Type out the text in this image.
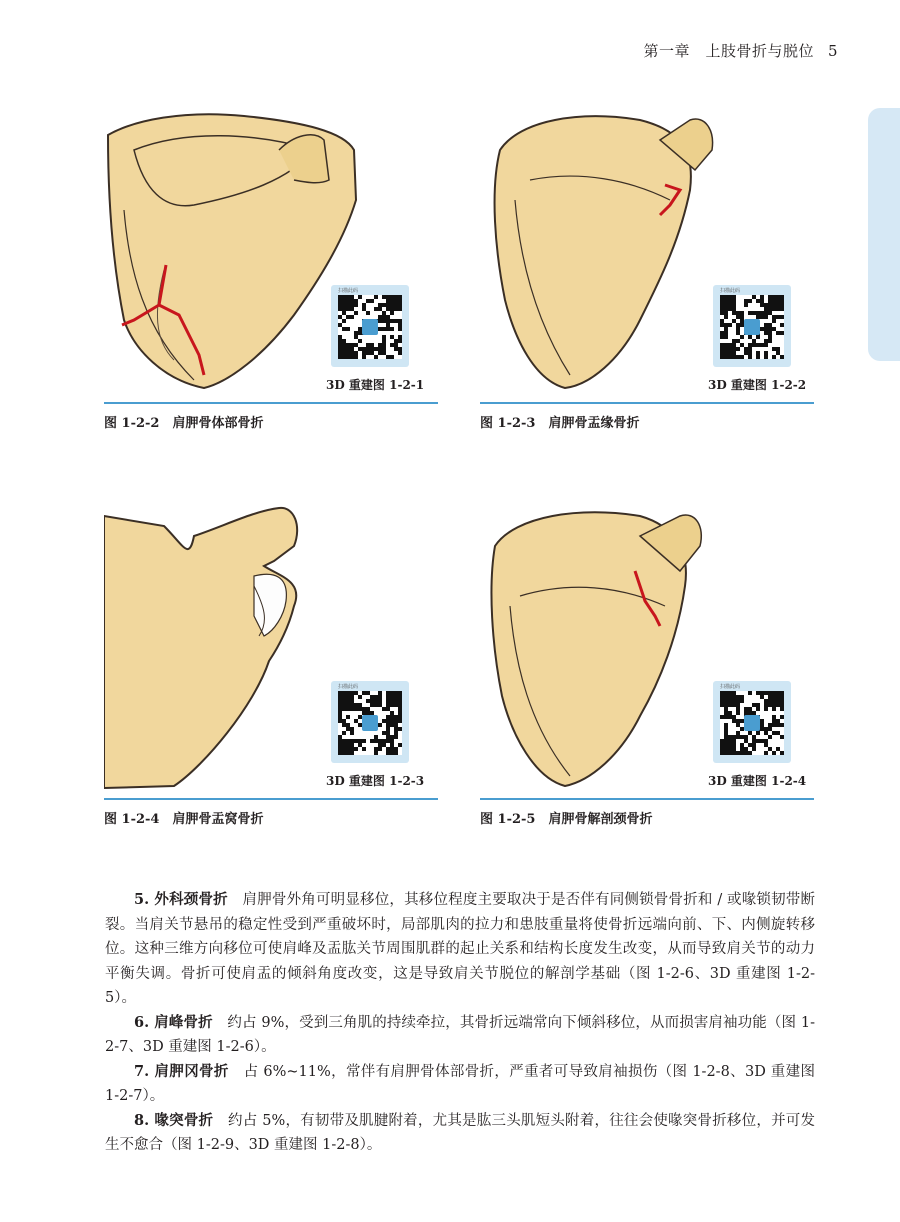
第一章　上肢骨折与脱位 5
扫描此码
3D 重建图 1-2-1
图 1-2-2　肩胛骨体部骨折
扫描此码
3D 重建图 1-2-2
图 1-2-3　肩胛骨盂缘骨折
扫描此码
3D 重建图 1-2-3
图 1-2-4　肩胛骨盂窝骨折
扫描此码
3D 重建图 1-2-4
图 1-2-5　肩胛骨解剖颈骨折

5. 外科颈骨折　肩胛骨外角可明显移位，其移位程度主要取决于是否伴有同侧锁骨骨折和 / 或喙锁韧带断裂。当肩关节悬吊的稳定性受到严重破坏时，局部肌肉的拉力和患肢重量将使骨折远端向前、下、内侧旋转移位。这种三维方向移位可使肩峰及盂肱关节周围肌群的起止关系和结构长度发生改变，从而导致肩关节的动力平衡失调。骨折可使肩盂的倾斜角度改变，这是导致肩关节脱位的解剖学基础（图 1-2-6、3D 重建图 1-2-5）。

6. 肩峰骨折　约占 9%，受到三角肌的持续牵拉，其骨折远端常向下倾斜移位，从而损害肩袖功能（图 1-2-7、3D 重建图 1-2-6）。

7. 肩胛冈骨折　占 6%~11%，常伴有肩胛骨体部骨折，严重者可导致肩袖损伤（图 1-2-8、3D 重建图 1-2-7）。

8. 喙突骨折　约占 5%，有韧带及肌腱附着，尤其是肱三头肌短头附着，往往会使喙突骨折移位，并可发生不愈合（图 1-2-9、3D 重建图 1-2-8）。
